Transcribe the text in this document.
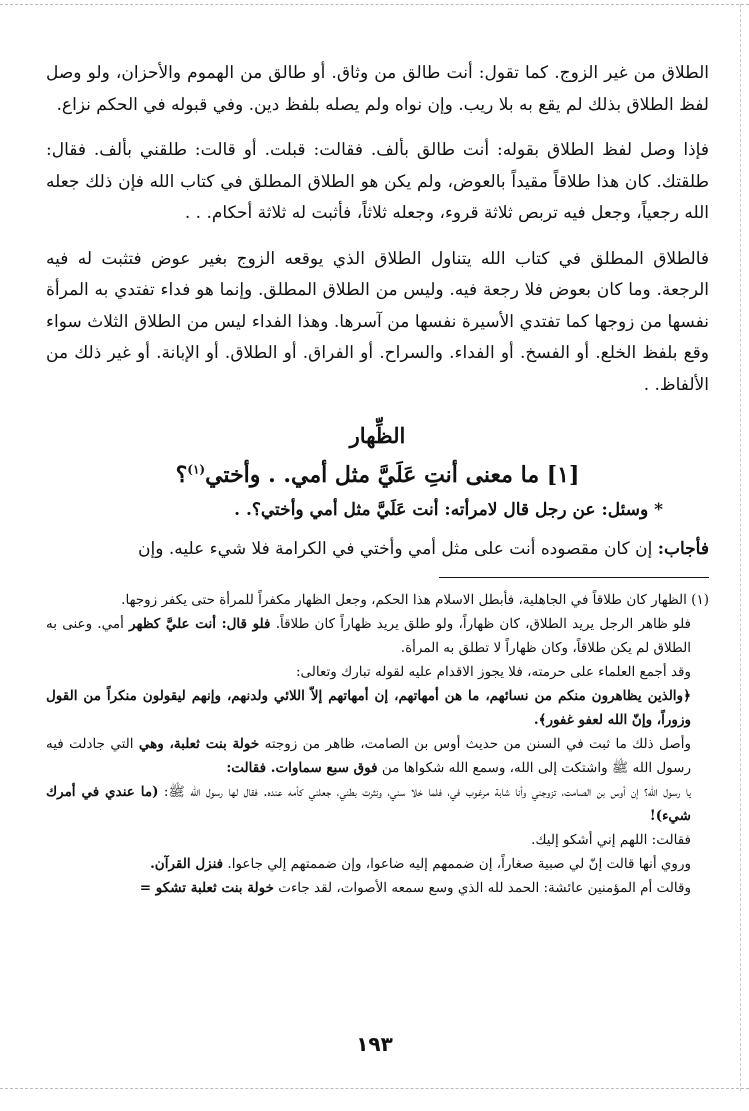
الطلاق من غير الزوج. كما تقول: أنت طالق من وثاق. أو طالق من الهموم والأحزان، ولو وصل لفظ الطلاق بذلك لم يقع به بلا ريب. وإن نواه ولم يصله بلفظ دين. وفي قبوله في الحكم نزاع.

فإذا وصل لفظ الطلاق بقوله: أنت طالق بألف. فقالت: قبلت. أو قالت: طلقني بألف. فقال: طلقتك. كان هذا طلاقاً مقيداً بالعوض، ولم يكن هو الطلاق المطلق في كتاب الله فإن ذلك جعله الله رجعياً، وجعل فيه تربص ثلاثة قروء، وجعله ثلاثاً، فأثبت له ثلاثة أحكام. . .

فالطلاق المطلق في كتاب الله يتناول الطلاق الذي يوقعه الزوج بغير عوض فتثبت له فيه الرجعة. وما كان بعوض فلا رجعة فيه. وليس من الطلاق المطلق. وإنما هو فداء تفتدي به المرأة نفسها من زوجها كما تفتدي الأسيرة نفسها من آسرها. وهذا الفداء ليس من الطلاق الثلاث سواء وقع بلفظ الخلع. أو الفسخ. أو الفداء. والسراح. أو الفراق. أو الطلاق. أو الإبانة. أو غير ذلك من الألفاظ. .

الظِّهار
[١] ما معنى أنتِ عَلَيَّ مثل أمي. . وأختي$^{(١)}$؟

* وسئل: عن رجل قال لامرأته: أنت عَلَيَّ مثل أمي وأختي؟. .

فأجاب: إن كان مقصوده أنت على مثل أمي وأختي في الكرامة فلا شيء عليه. وإن

(١) الظهار كان طلاقاً في الجاهلية، فأبطل الاسلام هذا الحكم، وجعل الظهار مكفراً للمرأة حتى يكفر زوجها.

فلو ظاهر الرجل يريد الطلاق، كان ظهاراً، ولو طلق يريد ظهاراً كان طلاقاً. فلو قال: أنت عليَّ كظهر أمي. وعنى به الطلاق لم يكن طلاقاً، وكان ظهاراً لا تطلق به المرأة.

وقد أجمع العلماء على حرمته، فلا يجوز الاقدام عليه لقوله تبارك وتعالى:

﴿والذين يظاهرون منكم من نسائهم، ما هن أمهاتهم، إن أمهاتهم إلاّ اللائي ولدنهم، وإنهم ليقولون منكراً من القول وزوراً، وإنّ الله لعفو غفور﴾.

وأصل ذلك ما ثبت في السنن من حديث أوس بن الصامت، ظاهر من زوجته خولة بنت ثعلبة، وهي التي جادلت فيه رسول الله ﷺ واشتكت إلى الله، وسمع الله شكواها من فوق سبع سماوات. فقالت:

يا رسول الله؟ إن أوس بن الصامت، تزوجني وأنا شابة مرغوب في، فلما خلا سني، ونثرت بطني، جعلني كأمه عنده. فقال لها رسول الله ﷺ: (ما عندي في أمرك شيء)!

فقالت: اللهم إني أشكو إليك.

وروي أنها قالت إنّ لي صبية صغاراً، إن ضممهم إليه ضاعوا، وإن ضممتهم إلي جاعوا. فنزل القرآن.

وقالت أم المؤمنين عائشة: الحمد لله الذي وسع سمعه الأصوات، لقد جاءت خولة بنت ثعلبة تشكو =

١٩٣
